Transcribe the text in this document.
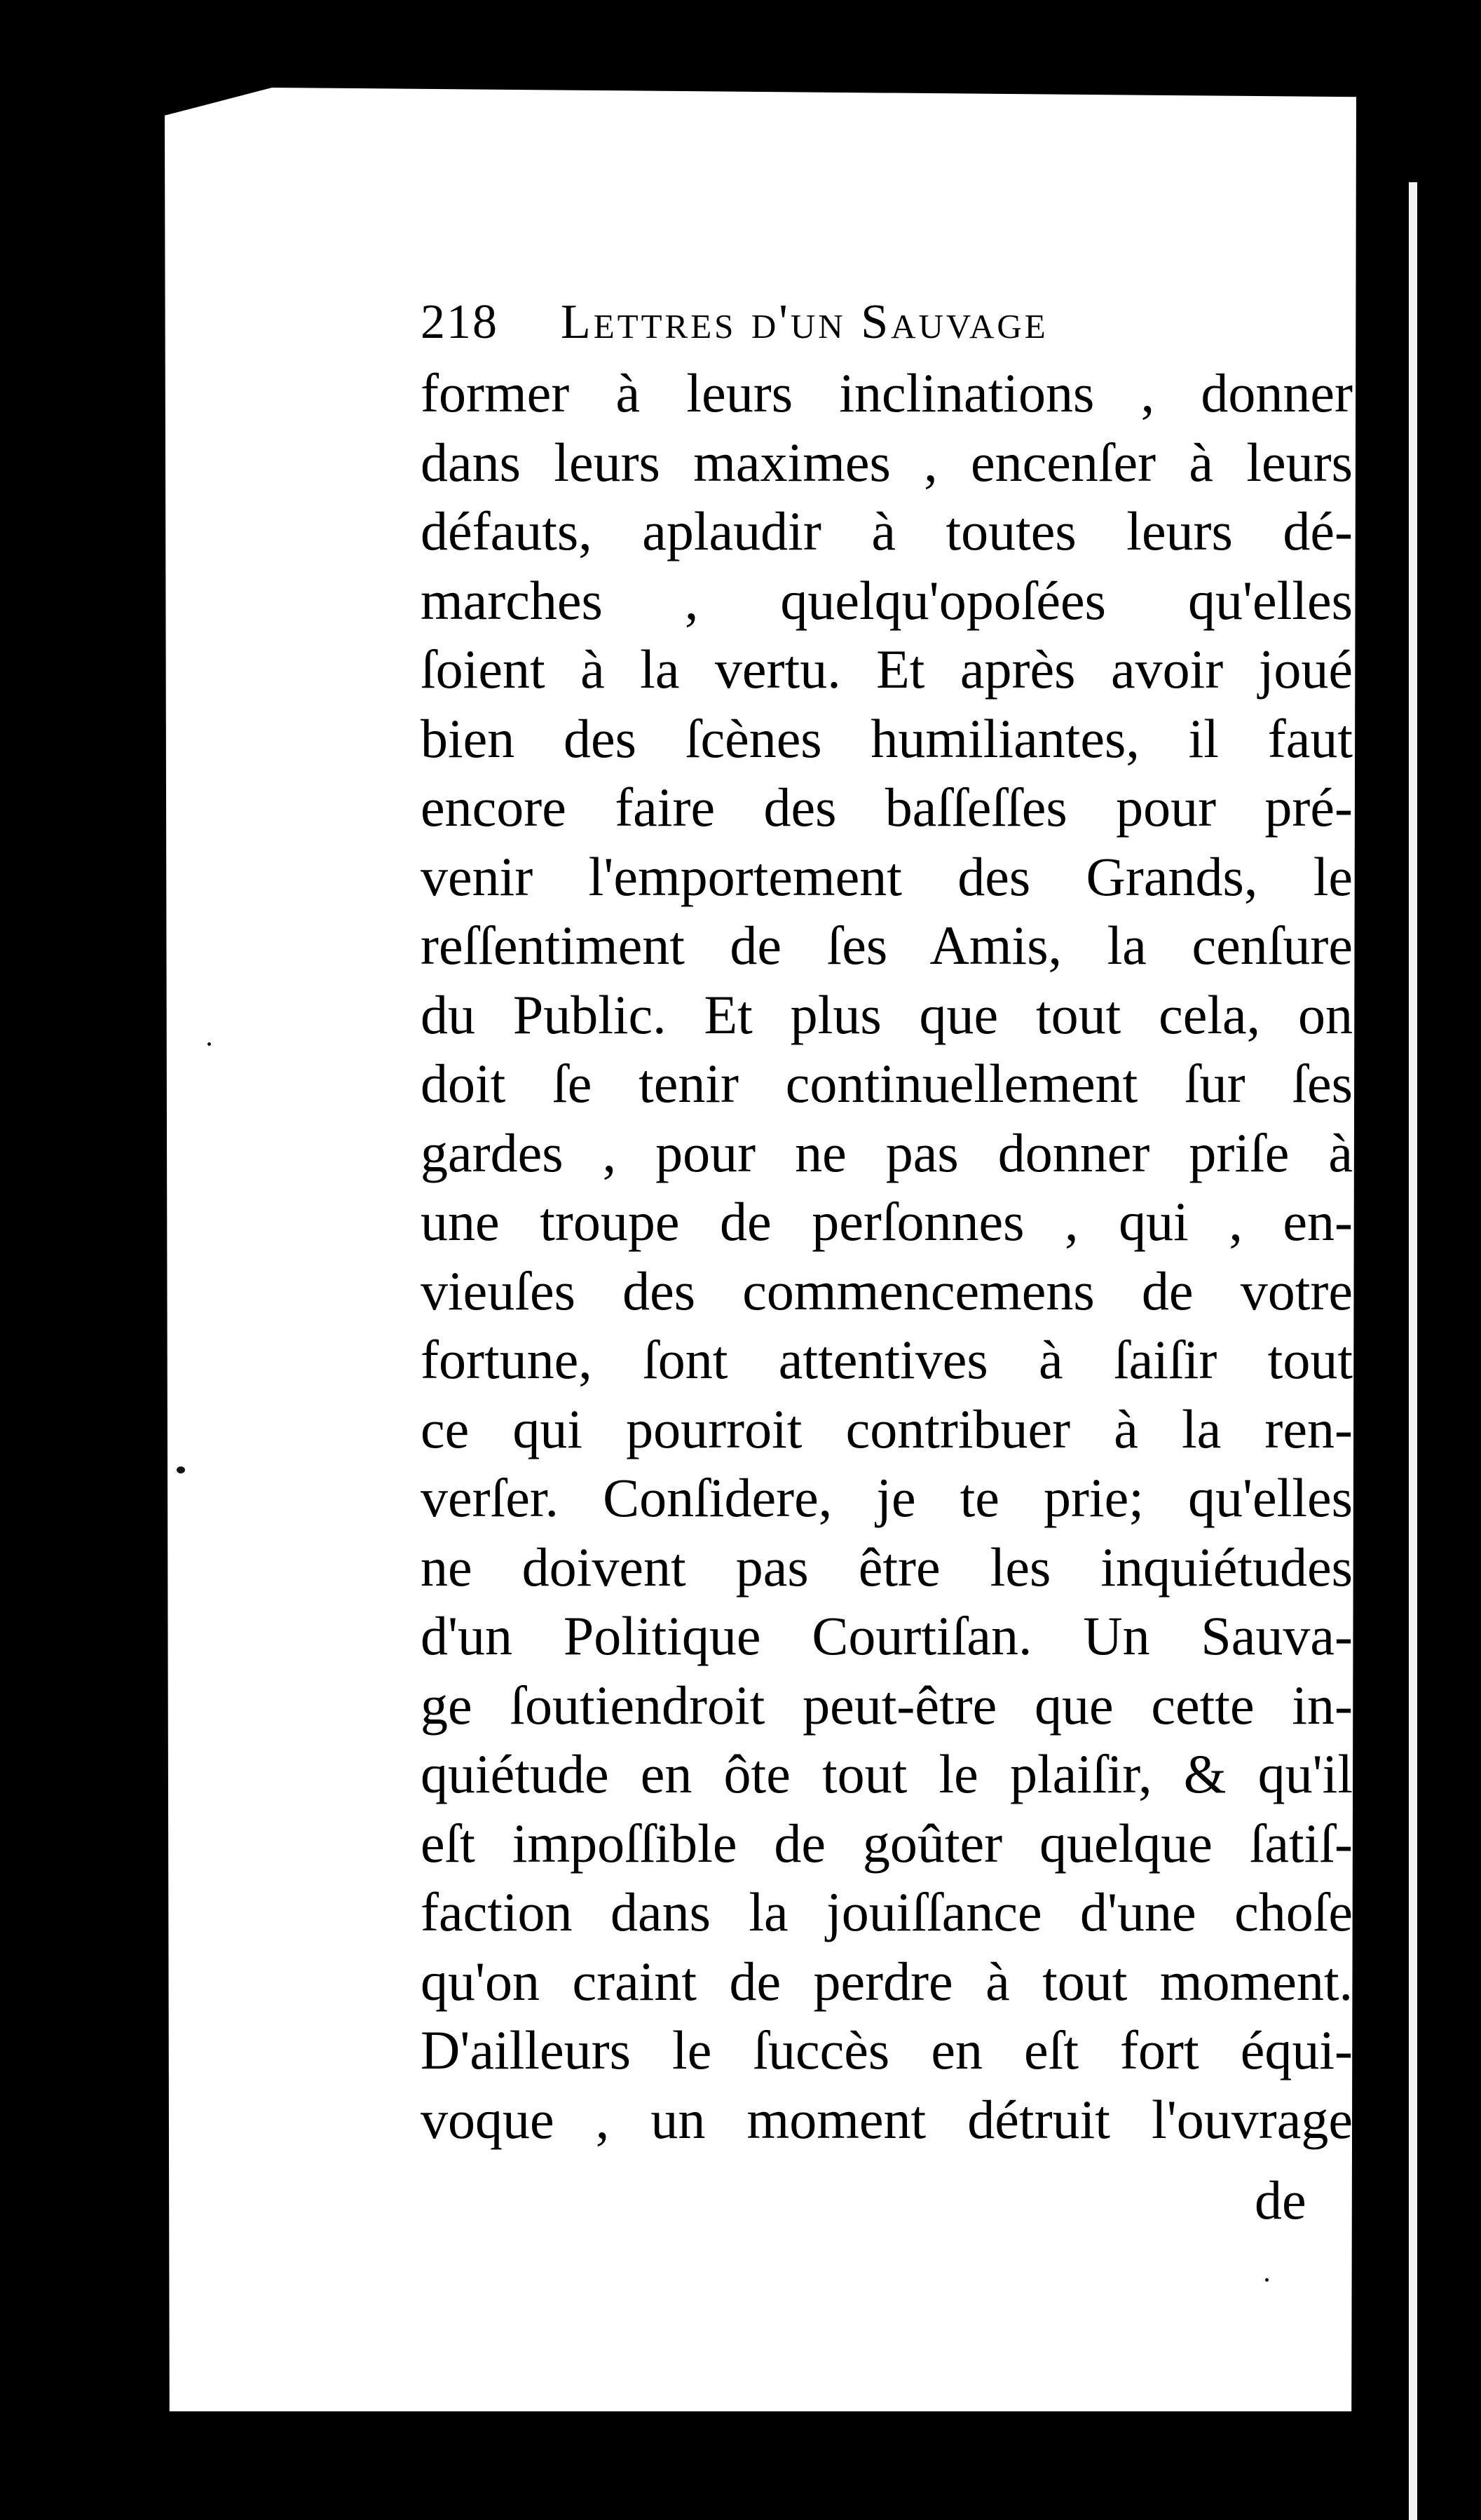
218 Lettres d'un Sauvage
former à leurs inclinations , donner
dans leurs maximes , encenſer à leurs
défauts, aplaudir à toutes leurs dé-
marches , quelqu'opoſées qu'elles
ſoient à la vertu. Et après avoir joué
bien des ſcènes humiliantes, il faut
encore faire des baſſeſſes pour pré-
venir l'emportement des Grands, le
reſſentiment de ſes Amis, la cenſure
du Public. Et plus que tout cela, on
doit ſe tenir continuellement ſur ſes
gardes , pour ne pas donner priſe à
une troupe de perſonnes , qui , en-
vieuſes des commencemens de votre
fortune, ſont attentives à ſaiſir tout
ce qui pourroit contribuer à la ren-
verſer. Conſidere, je te prie; qu'elles
ne doivent pas être les inquiétudes
d'un Politique Courtiſan. Un Sauva-
ge ſoutiendroit peut-être que cette in-
quiétude en ôte tout le plaiſir, & qu'il
eſt impoſſible de goûter quelque ſatiſ-
faction dans la jouiſſance d'une choſe
qu'on craint de perdre à tout moment.
D'ailleurs le ſuccès en eſt fort équi-
voque , un moment détruit l'ouvrage
de
